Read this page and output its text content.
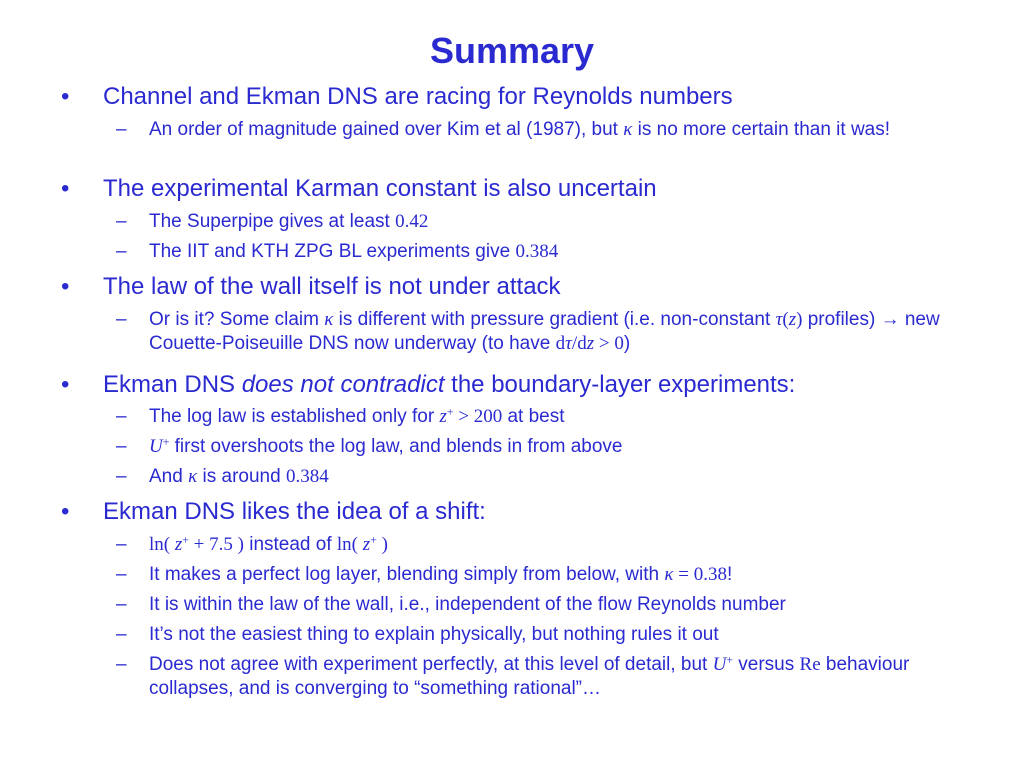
Summary
• Channel and Ekman DNS are racing for Reynolds numbers
– An order of magnitude gained over Kim et al (1987), but κ is no more certain than it was!
• The experimental Karman constant is also uncertain
– The Superpipe gives at least 0.42
– The IIT and KTH ZPG BL experiments give 0.384
• The law of the wall itself is not under attack
– Or is it? Some claim κ is different with pressure gradient (i.e. non-constant τ(z) profiles) → new Couette-Poiseuille DNS now underway (to have dτ/dz > 0)
• Ekman DNS does not contradict the boundary-layer experiments:
– The log law is established only for z+ > 200 at best
– U+ first overshoots the log law, and blends in from above
– And κ is around 0.384
• Ekman DNS likes the idea of a shift:
– ln( z+ + 7.5 ) instead of ln( z+ )
– It makes a perfect log layer, blending simply from below, with κ = 0.38!
– It is within the law of the wall, i.e., independent of the flow Reynolds number
– It’s not the easiest thing to explain physically, but nothing rules it out
– Does not agree with experiment perfectly, at this level of detail, but U+ versus Re behaviour collapses, and is converging to “something rational”…
